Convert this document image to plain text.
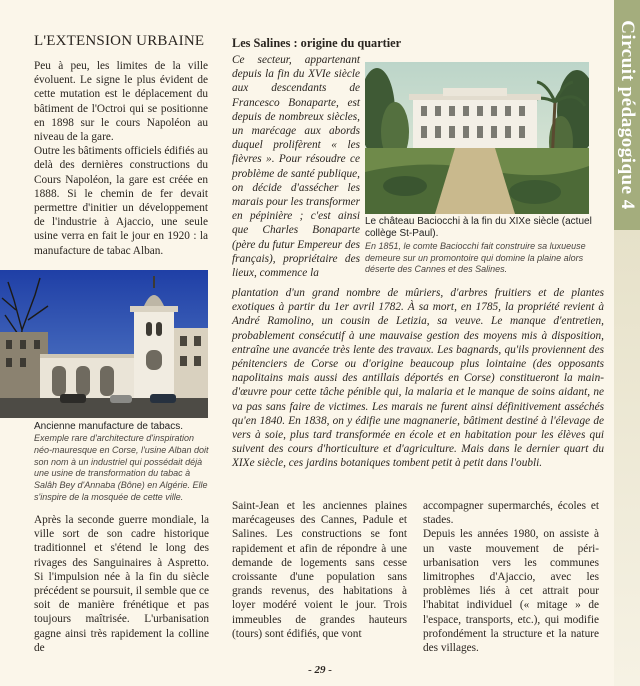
L'EXTENSION URBAINE

Peu à peu, les limites de la ville évoluent. Le signe le plus évident de cette mutation est le déplacement du bâtiment de l'Octroi qui se positionne en 1898 sur le cours Napoléon au niveau de la gare.

Outre les bâtiments officiels édifiés au delà des dernières constructions du Cours Napoléon, la gare est créée en 1888. Si le chemin de fer devait permettre d'initier un développement de l'industrie à Ajaccio, une seule usine verra en fait le jour en 1920 : la manufacture de tabac Alban.

Ancienne manufacture de tabacs.
Exemple rare d'architecture d'inspiration néo-mauresque en Corse, l'usine Alban doit son nom à un industriel qui possédait déjà une usine de transformation du tabac à Salâh Bey d'Annaba (Bône) en Algérie. Elle s'inspire de la mosquée de cette ville.

Après la seconde guerre mondiale, la ville sort de son cadre historique traditionnel et s'étend le long des rivages des Sanguinaires à Aspretto. Si l'impulsion née à la fin du siècle précédent se poursuit, il semble que ce soit de manière frénétique et pas toujours maîtrisée. L'urbanisation gagne ainsi très rapidement la colline de

Les Salines : origine du quartier
Ce secteur, appartenant depuis la fin du XVIe siècle aux descendants de Francesco Bonaparte, est depuis de nombreux siècles, un marécage aux abords duquel prolifèrent « les fièvres ». Pour résoudre ce problème de santé publique, on décide d'assécher les marais pour les transformer en pépinière ; c'est ainsi que Charles Bonaparte (père du futur Empereur des français), propriétaire des lieux, commence la
plantation d'un grand nombre de mûriers, d'arbres fruitiers et de plantes exotiques à partir du 1er avril 1782. À sa mort, en 1785, la propriété revient à André Ramolino, un cousin de Letizia, sa veuve. Le manque d'entretien, probablement consécutif à une mauvaise gestion des moyens mis à disposition, entraîne une avancée très lente des travaux. Les bagnards, qu'ils proviennent des pénitenciers de Corse ou d'origine beaucoup plus lointaine (des opposants napolitains mais aussi des antillais déportés en Corse) constitueront la main-d'œuvre pour cette tâche pénible qui, la malaria et le manque de soins aidant, ne va pas sans faire de victimes. Les marais ne furent ainsi définitivement asséchés qu'en 1840. En 1838, on y édifie une magnanerie, bâtiment destiné à l'élevage de vers à soie, plus tard transformée en école et en habitation pour les élèves qui suivent des cours d'horticulture et d'agriculture. Mais dans le dernier quart du XIXe siècle, ces jardins botaniques tombent petit à petit dans l'oubli.
Le château Baciocchi à la fin du XIXe siècle (actuel collège St-Paul).
En 1851, le comte Baciocchi fait construire sa luxueuse demeure sur un promontoire qui domine la plaine alors déserte des Cannes et des Salines.

Saint-Jean et les anciennes plaines marécageuses des Cannes, Padule et Salines. Les constructions se font rapidement et afin de répondre à une demande de logements sans cesse croissante d'une population sans grands revenus, des habitations à loyer modéré voient le jour. Trois immeubles de grandes hauteurs (tours) sont édifiés, que vont

accompagner supermarchés, écoles et stades.

Depuis les années 1980, on assiste à un vaste mouvement de péri-urbanisation vers les communes limitrophes d'Ajaccio, avec les problèmes liés à cet attrait pour l'habitat individuel (« mitage » de l'espace, transports, etc.), qui modifie profondément la structure et la nature des villages.

Circuit pédagogique 4
- 29 -
